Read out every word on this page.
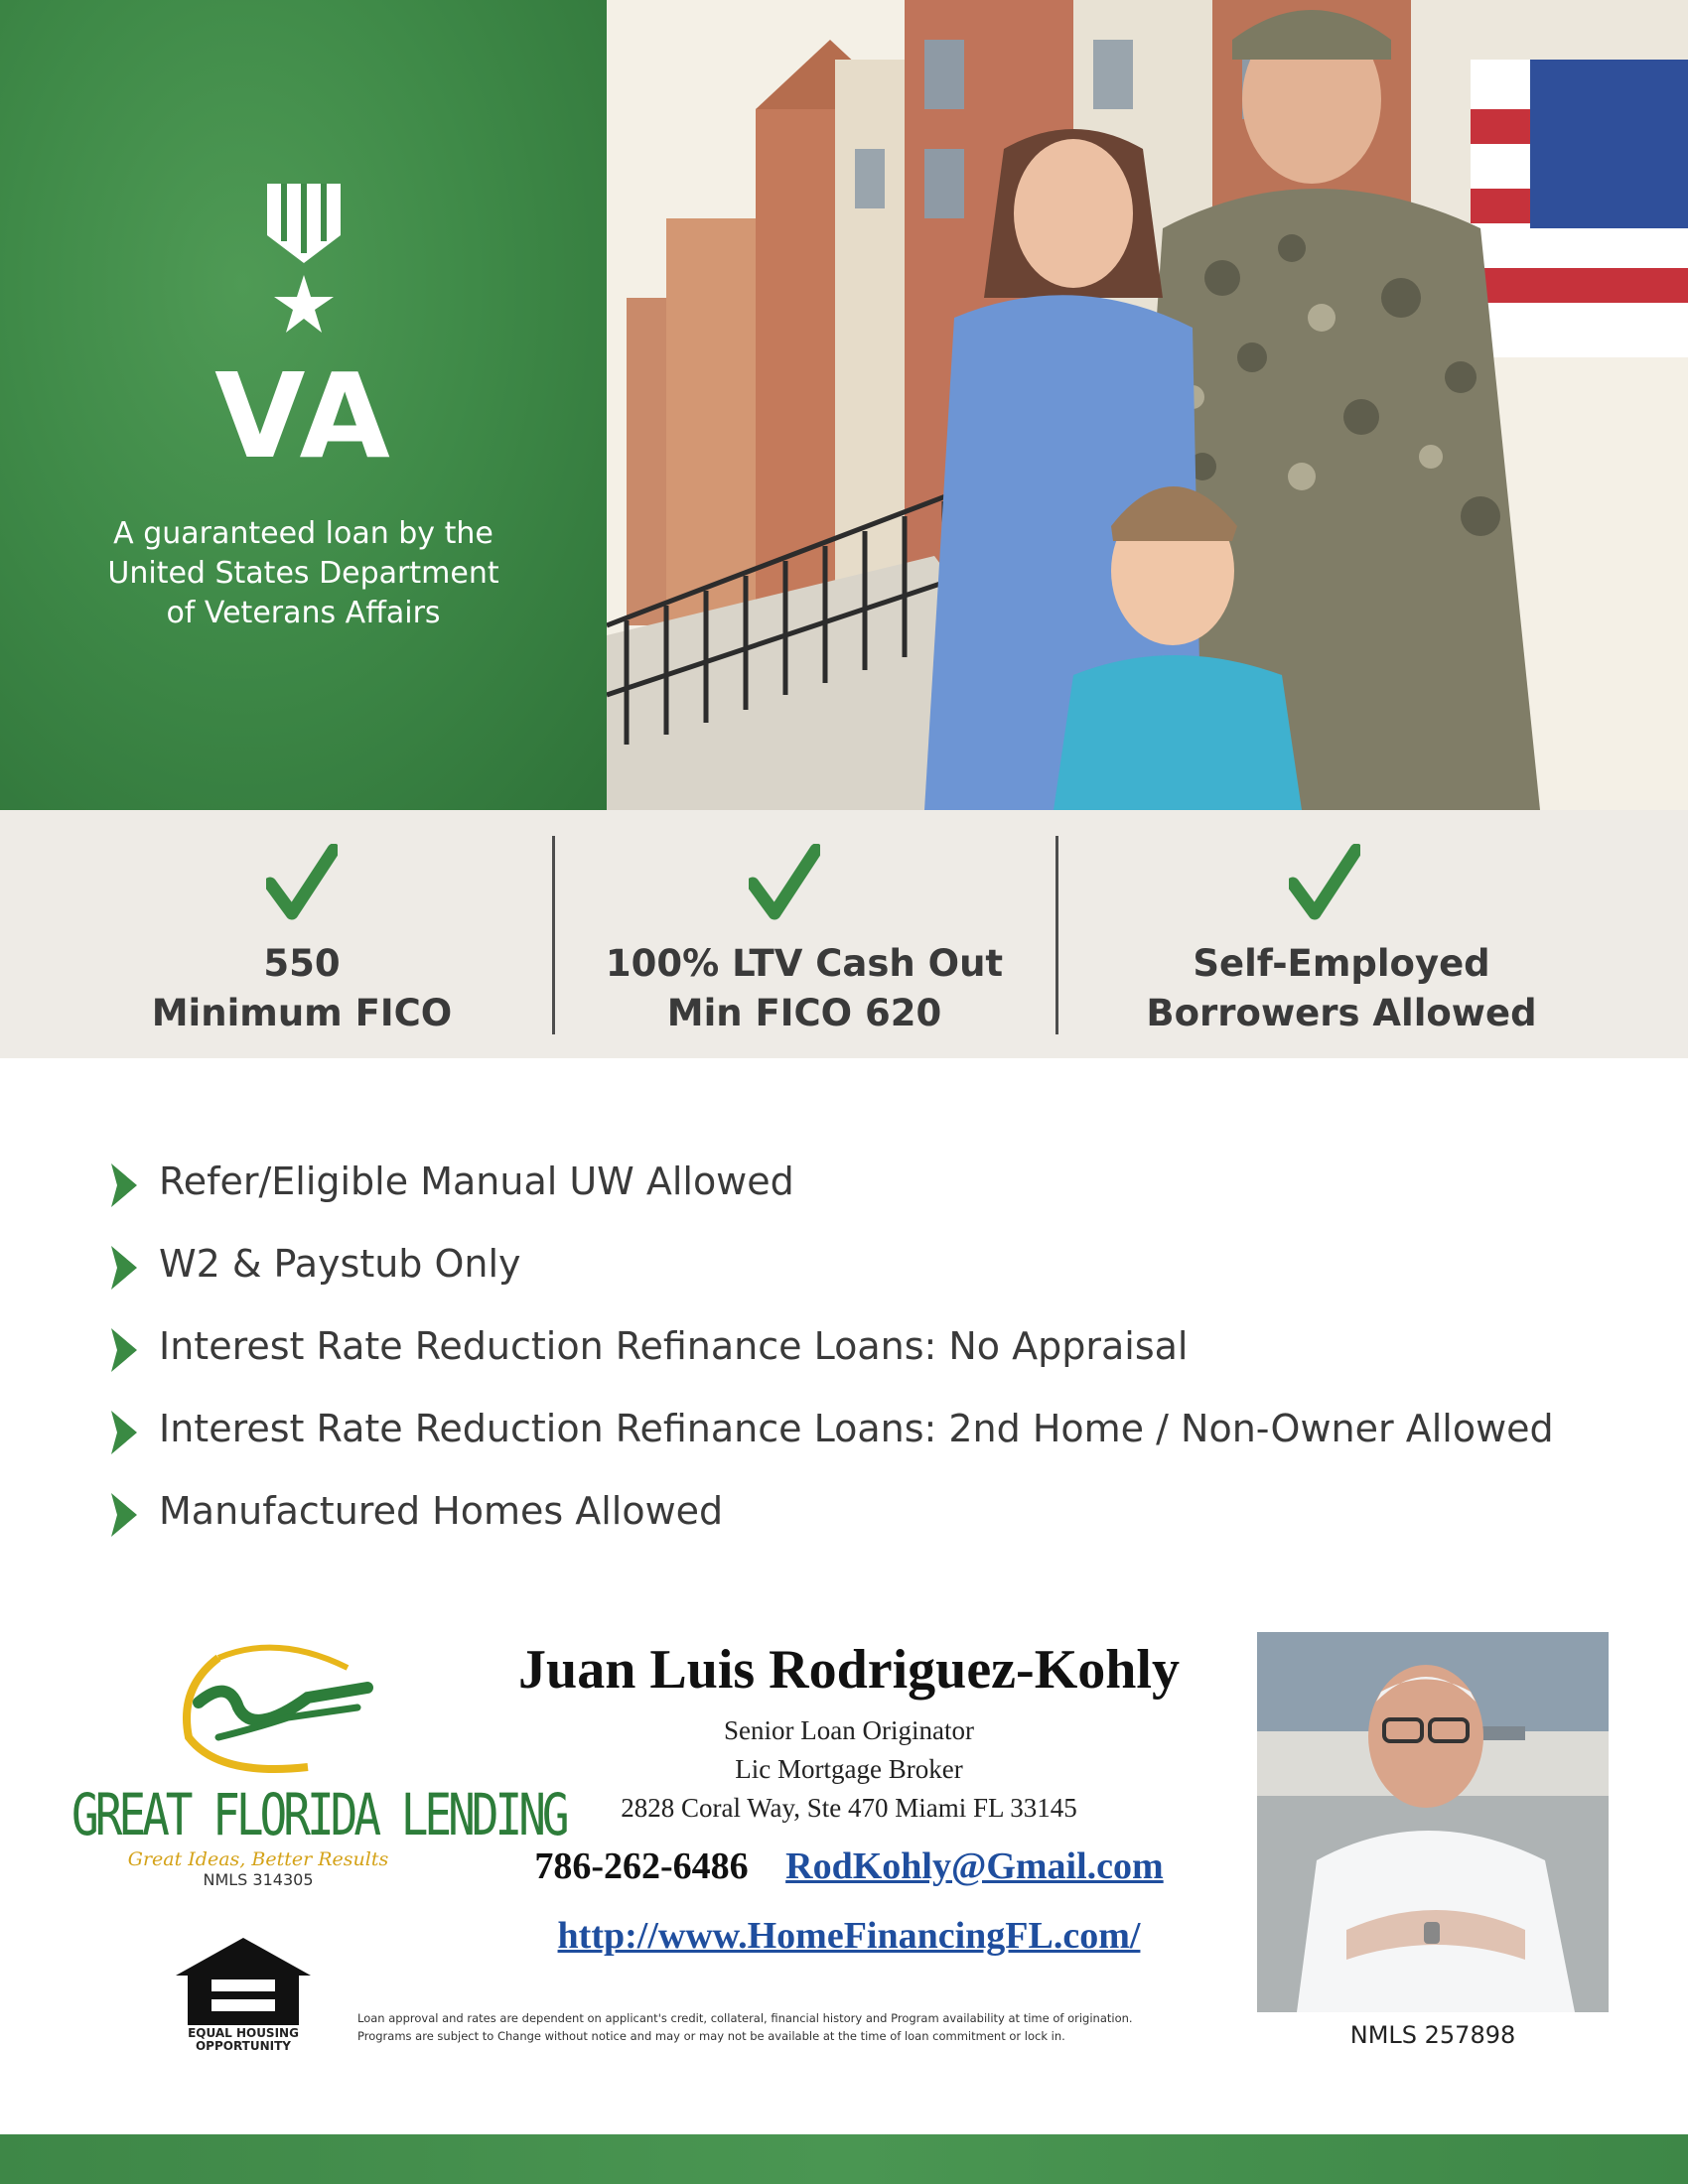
VA
A guaranteed loan by the
United States Department
of Veterans Affairs
550
Minimum FICO
100% LTV Cash Out
Min FICO 620
Self-Employed
Borrowers Allowed
Refer/Eligible Manual UW Allowed
W2 & Paystub Only
Interest Rate Reduction Refinance Loans: No Appraisal
Interest Rate Reduction Refinance Loans: 2nd Home / Non-Owner Allowed
Manufactured Homes Allowed
GREAT FLORIDA LENDING
Great Ideas, Better Results
NMLS 314305
EQUAL HOUSING
OPPORTUNITY
Juan Luis Rodriguez-Kohly
Senior Loan Originator
Lic Mortgage Broker
2828 Coral Way, Ste 470 Miami FL 33145
786-262-6486 RodKohly@Gmail.com
http://www.HomeFinancingFL.com/
Loan approval and rates are dependent on applicant's credit, collateral, financial history and Program availability at time of origination.
Programs are subject to Change without notice and may or may not be available at the time of loan commitment or lock in.	NMLS 257898
